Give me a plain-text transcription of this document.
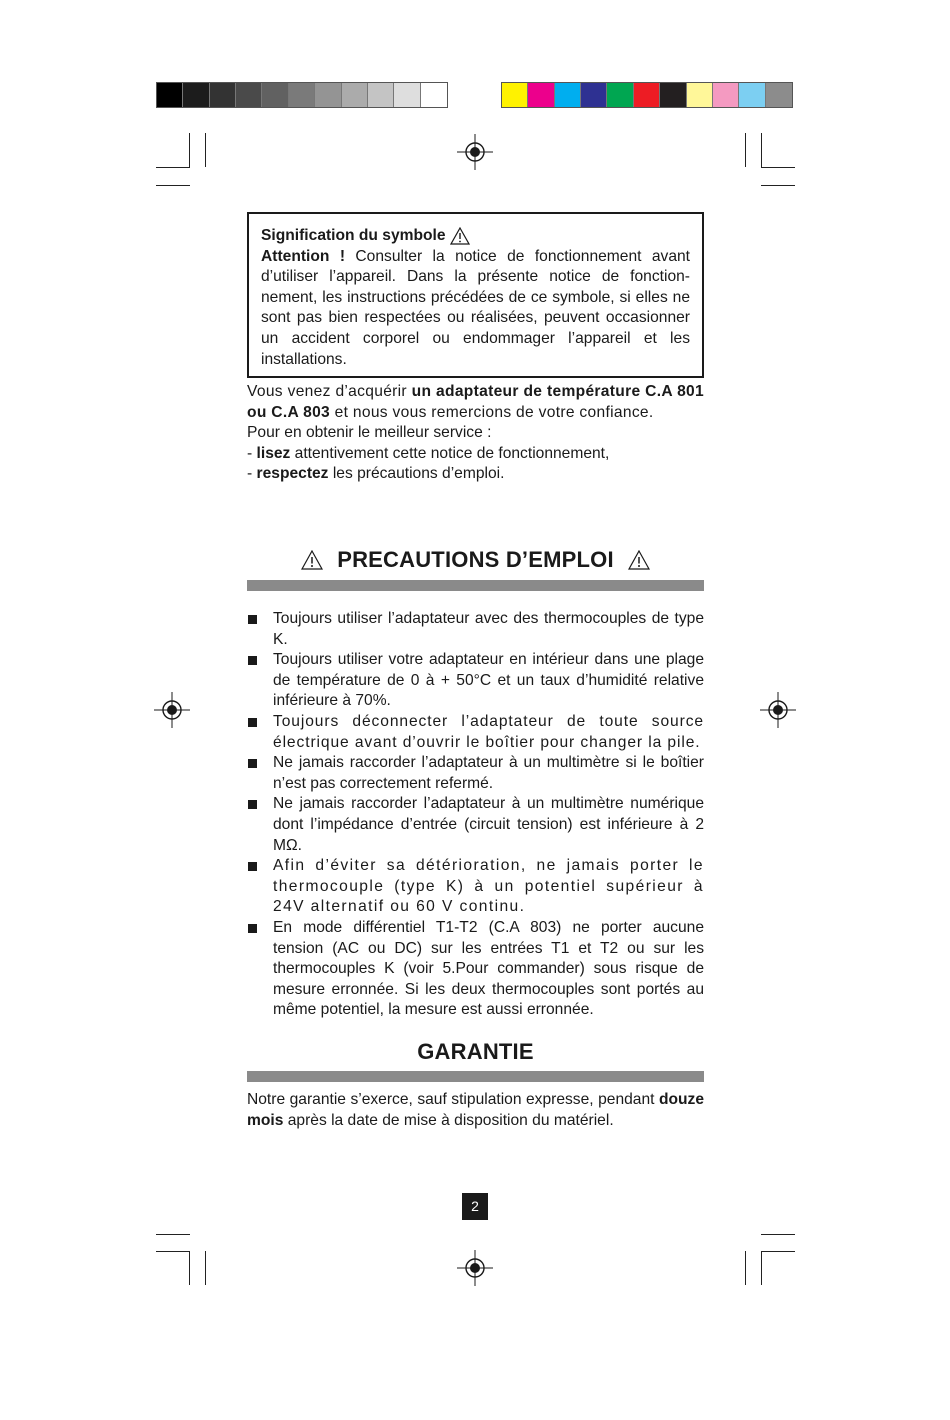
Signification du symbole
Attention ! Consulter la notice de fonctionnement avant d’utiliser l’appareil. Dans la présente notice de fonctionnement, les instructions précédées de ce symbole, si elles ne sont pas bien respectées ou réalisées, peuvent occasionner un accident corporel ou endommager l’appareil et les installations.
Vous venez d’acquérir un adaptateur de température C.A 801 ou C.A 803 et nous vous remercions de votre confiance.
Pour en obtenir le meilleur service :
- lisez attentivement cette notice de fonctionnement,
- respectez les précautions d’emploi.
PRECAUTIONS D’EMPLOI
Toujours utiliser l’adaptateur avec des thermocouples de type K.
Toujours utiliser votre adaptateur en intérieur dans une plage de température de 0 à + 50°C et un taux d’humidité relative inférieure à 70%.
Toujours déconnecter l’adaptateur de toute source électrique avant d’ouvrir le boîtier pour changer la pile.
Ne jamais raccorder l’adaptateur à un multimètre si le boîtier n’est pas correctement refermé.
Ne jamais raccorder l’adaptateur à un multimètre numérique dont l’impédance d’entrée (circuit tension) est inférieure à 2 MΩ.
Afin d’éviter sa détérioration, ne jamais porter le thermocouple (type K) à un potentiel supérieur à 24V alternatif ou 60 V continu.
En mode différentiel T1-T2 (C.A 803) ne porter aucune tension (AC ou DC) sur les entrées T1 et T2 ou sur les thermocouples K (voir 5.Pour commander) sous risque de mesure erronnée. Si les deux thermocouples sont portés au même potentiel, la mesure est aussi erronnée.
GARANTIE
Notre garantie s’exerce, sauf stipulation expresse, pendant douze mois après la date de mise à disposition du matériel.
2
